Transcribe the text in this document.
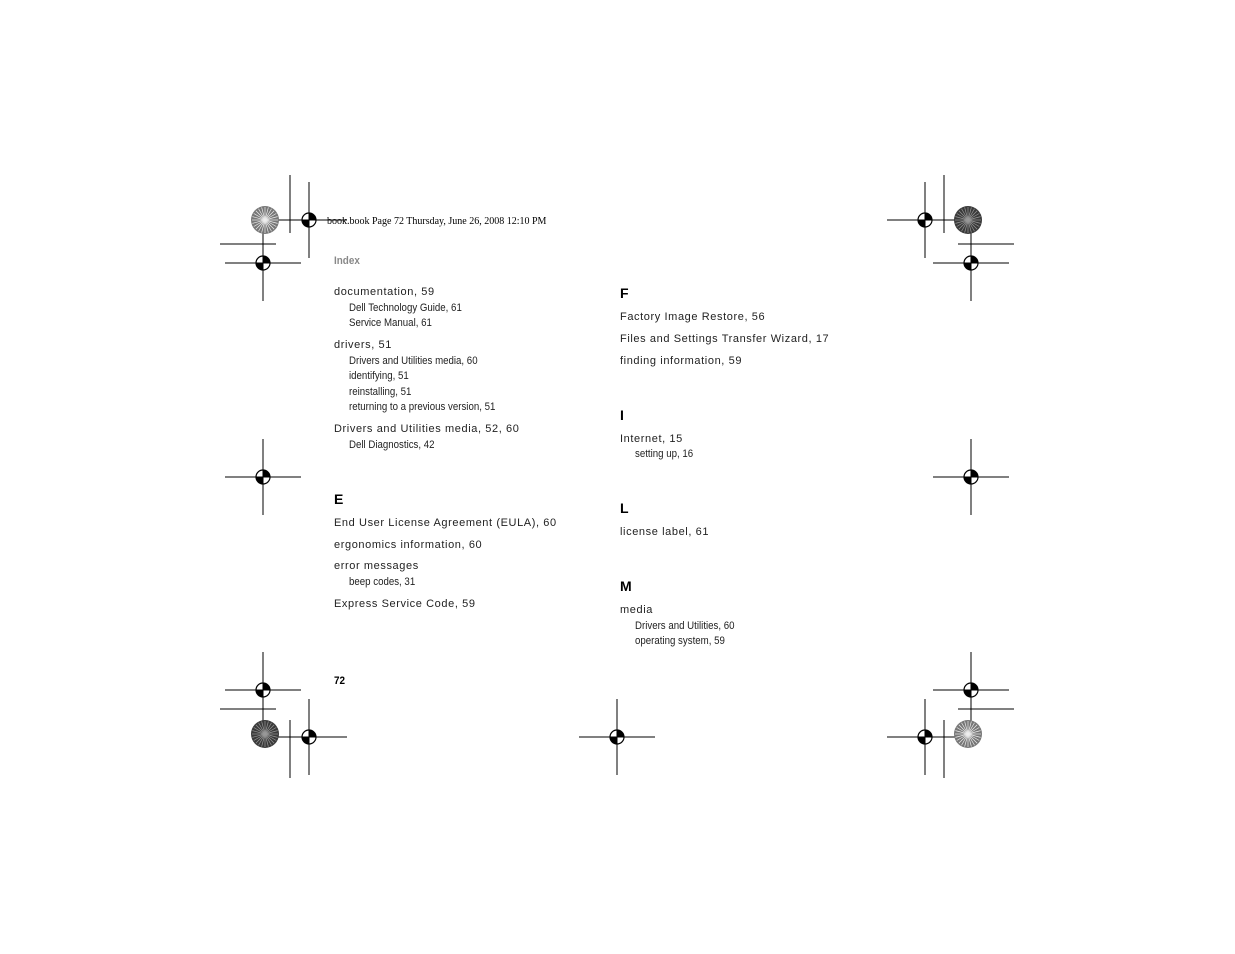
book.book Page 72 Thursday, June 26, 2008 12:10 PM
Index
72
documentation, 59
Dell Technology Guide, 61
Service Manual, 61
drivers, 51
Drivers and Utilities media, 60
identifying, 51
reinstalling, 51
returning to a previous version, 51
Drivers and Utilities media, 52, 60
Dell Diagnostics, 42
E
End User License Agreement (EULA), 60
ergonomics information, 60
error messages
beep codes, 31
Express Service Code, 59
F
Factory Image Restore, 56
Files and Settings Transfer Wizard, 17
finding information, 59
I
Internet, 15
setting up, 16
L
license label, 61
M
media
Drivers and Utilities, 60
operating system, 59
